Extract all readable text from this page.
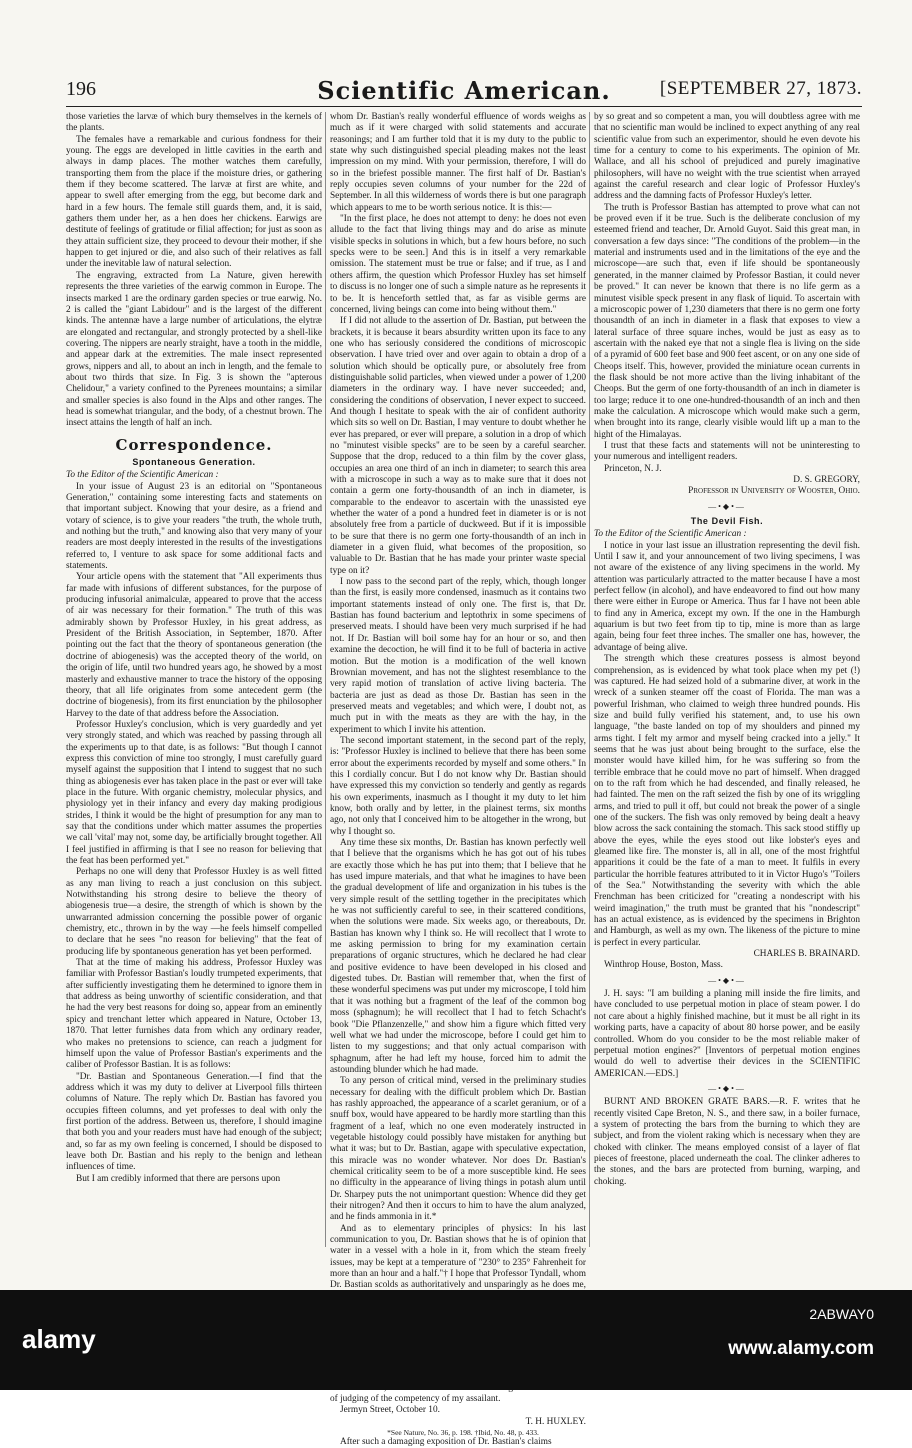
196	Scientific American.	[SEPTEMBER 27, 1873.

those varieties the larvæ of which bury themselves in the kernels of the plants.

The females have a remarkable and curious fondness for their young. The eggs are developed in little cavities in the earth and always in damp places. The mother watches them carefully, transporting them from the place if the moisture dries, or gathering them if they become scattered. The larvæ at first are white, and appear to swell after emerging from the egg, but become dark and hard in a few hours. The female still guards them, and, it is said, gathers them under her, as a hen does her chickens. Earwigs are destitute of feelings of gratitude or filial affection; for just as soon as they attain sufficient size, they proceed to devour their mother, if she happen to get injured or die, and also such of their relatives as fall under the inevitable law of natural selection.

The engraving, extracted from La Nature, given herewith represents the three varieties of the earwig common in Europe. The insects marked 1 are the ordinary garden species or true earwig. No. 2 is called the "giant Labidour" and is the largest of the different kinds. The antennæ have a large number of articulations, the elytræ are elongated and rectangular, and strongly protected by a shell-like covering. The nippers are nearly straight, have a tooth in the middle, and appear dark at the extremities. The male insect represented grows, nippers and all, to about an inch in length, and the female to about two thirds that size. In Fig. 3 is shown the "apterous Chelidour," a variety confined to the Pyrenees mountains; a similar and smaller species is also found in the Alps and other ranges. The head is somewhat triangular, and the body, of a chestnut brown. The insect attains the length of half an inch.

Correspondence.
Spontaneous Generation.

To the Editor of the Scientific American :

In your issue of August 23 is an editorial on "Spontaneous Generation," containing some interesting facts and statements on that important subject. Knowing that your desire, as a friend and votary of science, is to give your readers "the truth, the whole truth, and nothing but the truth," and knowing also that very many of your readers are most deeply interested in the results of the investigations referred to, I venture to ask space for some additional facts and statements.

Your article opens with the statement that "All experiments thus far made with infusions of different substances, for the purpose of producing infusorial animalculæ, appeared to prove that the access of air was necessary for their formation." The truth of this was admirably shown by Professor Huxley, in his great address, as President of the British Association, in September, 1870. After pointing out the fact that the theory of spontaneous generation (the doctrine of abiogenesis) was the accepted theory of the world, on the origin of life, until two hundred years ago, he showed by a most masterly and exhaustive manner to trace the history of the opposing theory, that all life originates from some antecedent germ (the doctrine of biogenesis), from its first enunciation by the philosopher Harvey to the date of that address before the Association.

Professor Huxley's conclusion, which is very guardedly and yet very strongly stated, and which was reached by passing through all the experiments up to that date, is as follows: "But though I cannot express this conviction of mine too strongly, I must carefully guard myself against the supposition that I intend to suggest that no such thing as abiogenesis ever has taken place in the past or ever will take place in the future. With organic chemistry, molecular physics, and physiology yet in their infancy and every day making prodigious strides, I think it would be the hight of presumption for any man to say that the conditions under which matter assumes the properties we call 'vital' may not, some day, be artificially brought together. All I feel justified in affirming is that I see no reason for believing that the feat has been performed yet."

Perhaps no one will deny that Professor Huxley is as well fitted as any man living to reach a just conclusion on this subject. Notwithstanding his strong desire to believe the theory of abiogenesis true—a desire, the strength of which is shown by the unwarranted admission concerning the possible power of organic chemistry, etc., thrown in by the way —he feels himself compelled to declare that he sees "no reason for believing" that the feat of producing life by spontaneous generation has yet been performed.

That at the time of making his address, Professor Huxley was familiar with Professor Bastian's loudly trumpeted experiments, that after sufficiently investigating them he determined to ignore them in that address as being unworthy of scientific consideration, and that he had the very best reasons for doing so, appear from an eminently spicy and trenchant letter which appeared in Nature, October 13, 1870. That letter furnishes data from which any ordinary reader, who makes no pretensions to science, can reach a judgment for himself upon the value of Professor Bastian's experiments and the caliber of Professor Bastian. It is as follows:

"Dr. Bastian and Spontaneous Generation.—I find that the address which it was my duty to deliver at Liverpool fills thirteen columns of Nature. The reply which Dr. Bastian has favored you occupies fifteen columns, and yet professes to deal with only the first portion of the address. Between us, therefore, I should imagine that both you and your readers must have had enough of the subject; and, so far as my own feeling is concerned, I should be disposed to leave both Dr. Bastian and his reply to the benign and lethean influences of time.

But I am credibly informed that there are persons upon

whom Dr. Bastian's really wonderful effluence of words weighs as much as if it were charged with solid statements and accurate reasonings; and I am further told that it is my duty to the public to state why such distinguished special pleading makes not the least impression on my mind. With your permission, therefore, I will do so in the briefest possible manner. The first half of Dr. Bastian's reply occupies seven columns of your number for the 22d of September. In all this wilderness of words there is but one paragraph which appears to me to be worth serious notice. It is this:—

"In the first place, he does not attempt to deny: he does not even allude to the fact that living things may and do arise as minute visible specks in solutions in which, but a few hours before, no such specks were to be seen.] And this is in itself a very remarkable omission. The statement must be true or false; and if true, as I and others affirm, the question which Professor Huxley has set himself to discuss is no longer one of such a simple nature as he represents it to be. It is henceforth settled that, as far as visible germs are concerned, living beings can come into being without them."

If I did not allude to the assertion of Dr. Bastian, put between the brackets, it is because it bears absurdity written upon its face to any one who has seriously considered the conditions of microscopic observation. I have tried over and over again to obtain a drop of a solution which should be optically pure, or absolutely free from distinguishable solid particles, when viewed under a power of 1,200 diameters in the ordinary way. I have never succeeded; and, considering the conditions of observation, I never expect to succeed. And though I hesitate to speak with the air of confident authority which sits so well on Dr. Bastian, I may venture to doubt whether he ever has prepared, or ever will prepare, a solution in a drop of which no "minutest visible specks" are to be seen by a careful searcher. Suppose that the drop, reduced to a thin film by the cover glass, occupies an area one third of an inch in diameter; to search this area with a microscope in such a way as to make sure that it does not contain a germ one forty-thousandth of an inch in diameter, is comparable to the endeavor to ascertain with the unassisted eye whether the water of a pond a hundred feet in diameter is or is not absolutely free from a particle of duckweed. But if it is impossible to be sure that there is no germ one forty-thousandth of an inch in diameter in a given fluid, what becomes of the proposition, so valuable to Dr. Bastian that he has made your printer waste special type on it?

I now pass to the second part of the reply, which, though longer than the first, is easily more condensed, inasmuch as it contains two important statements instead of only one. The first is, that Dr. Bastian has found bacterium and leptothrix in some specimens of preserved meats. I should have been very much surprised if he had not. If Dr. Bastian will boil some hay for an hour or so, and then examine the decoction, he will find it to be full of bacteria in active motion. But the motion is a modification of the well known Brownian movement, and has not the slightest resemblance to the very rapid motion of translation of active living bacteria. The bacteria are just as dead as those Dr. Bastian has seen in the preserved meats and vegetables; and which were, I doubt not, as much put in with the meats as they are with the hay, in the experiment to which I invite his attention.

The second important statement, in the second part of the reply, is: "Professor Huxley is inclined to believe that there has been some error about the experiments recorded by myself and some others." In this I cordially concur. But I do not know why Dr. Bastian should have expressed this my conviction so tenderly and gently as regards his own experiments, inasmuch as I thought it my duty to let him know, both orally and by letter, in the plainest terms, six months ago, not only that I conceived him to be altogether in the wrong, but why I thought so.

Any time these six months, Dr. Bastian has known perfectly well that I believe that the organisms which he has got out of his tubes are exactly those which he has put into them; that I believe that he has used impure materials, and that what he imagines to have been the gradual development of life and organization in his tubes is the very simple result of the settling together in the precipitates which he was not sufficiently careful to see, in their scattered conditions, when the solutions were made. Six weeks ago, or thereabouts, Dr. Bastian has known why I think so. He will recollect that I wrote to me asking permission to bring for my examination certain preparations of organic structures, which he declared he had clear and positive evidence to have been developed in his closed and digested tubes. Dr. Bastian will remember that, when the first of these wonderful specimens was put under my microscope, I told him that it was nothing but a fragment of the leaf of the common bog moss (sphagnum); he will recollect that I had to fetch Schacht's book "Die Pflanzenzelle," and show him a figure which fitted very well what we had under the microscope, before I could get him to listen to my suggestions; and that only actual comparison with sphagnum, after he had left my house, forced him to admit the astounding blunder which he had made.

To any person of critical mind, versed in the preliminary studies necessary for dealing with the difficult problem which Dr. Bastian has rashly approached, the appearance of a scarlet geranium, or of a snuff box, would have appeared to be hardly more startling than this fragment of a leaf, which no one even moderately instructed in vegetable histology could possibly have mistaken for anything but what it was; but to Dr. Bastian, agape with speculative expectation, this miracle was no wonder whatever. Nor does Dr. Bastian's chemical criticality seem to be of a more susceptible kind. He sees no difficulty in the appearance of living things in potash alum until Dr. Sharpey puts the not unimportant question: Whence did they get their nitrogen? And then it occurs to him to have the alum analyzed, and he finds ammonia in it.*

And as to elementary principles of physics: In his last communication to you, Dr. Bastian shows that he is of opinion that water in a vessel with a hole in it, from which the steam freely issues, may be kept at a temperature of "230° to 235° Fahrenheit for more than an hour and a half."† I hope that Professor Tyndall, whom Dr. Bastian scolds as authoritatively and unsparingly as he does me,

of judging of the competency of my assailant.

Jermyn Street, October 10.

T. H. HUXLEY.

*See Nature, No. 36, p. 198. †Ibid, No. 48, p. 433.

After such a damaging exposition of Dr. Bastian's claims

by so great and so competent a man, you will doubtless agree with me that no scientific man would be inclined to expect anything of any real scientific value from such an experimentor, should he even devote his time for a century to come to his experiments. The opinion of Mr. Wallace, and all his school of prejudiced and purely imaginative philosophers, will have no weight with the true scientist when arrayed against the careful research and clear logic of Professor Huxley's address and the damning facts of Professor Huxley's letter.

The truth is Professor Bastian has attempted to prove what can not be proved even if it be true. Such is the deliberate conclusion of my esteemed friend and teacher, Dr. Arnold Guyot. Said this great man, in conversation a few days since: "The conditions of the problem—in the material and instruments used and in the limitations of the eye and the microscope—are such that, even if life should be spontaneously generated, in the manner claimed by Professor Bastian, it could never be proved." It can never be known that there is no life germ as a minutest visible speck present in any flask of liquid. To ascertain with a microscopic power of 1,230 diameters that there is no germ one forty thousandth of an inch in diameter in a flask that exposes to view a lateral surface of three square inches, would be just as easy as to ascertain with the naked eye that not a single flea is living on the side of a pyramid of 600 feet base and 900 feet ascent, or on any one side of Cheops itself. This, however, provided the miniature ocean currents in the flask should be not more active than the living inhabitant of the Cheops. But the germ of one forty-thousandth of an inch in diameter is too large; reduce it to one one-hundred-thousandth of an inch and then make the calculation. A microscope which would make such a germ, when brought into its range, clearly visible would lift up a man to the hight of the Himalayas.

I trust that these facts and statements will not be uninteresting to your numerous and intelligent readers.

Princeton, N. J.

D. S. GREGORY,

Professor in University of Wooster, Ohio.

—•◆•—
The Devil Fish.

To the Editor of the Scientific American :

I notice in your last issue an illustration representing the devil fish. Until I saw it, and your announcement of two living specimens, I was not aware of the existence of any living specimens in the world. My attention was particularly attracted to the matter because I have a most perfect fellow (in alcohol), and have endeavored to find out how many there were either in Europe or America. Thus far I have not been able to find any in America, except my own. If the one in the Hamburgh aquarium is but two feet from tip to tip, mine is more than as large again, being four feet three inches. The smaller one has, however, the advantage of being alive.

The strength which these creatures possess is almost beyond comprehension, as is evidenced by what took place when my pet (!) was captured. He had seized hold of a submarine diver, at work in the wreck of a sunken steamer off the coast of Florida. The man was a powerful Irishman, who claimed to weigh three hundred pounds. His size and build fully verified his statement, and, to use his own language, "the baste landed on top of my shoulders and pinned my arms tight. I felt my armor and myself being cracked into a jelly." It seems that he was just about being brought to the surface, else the monster would have killed him, for he was suffering so from the terrible embrace that he could move no part of himself. When dragged on to the raft from which he had descended, and finally released, he had fainted. The men on the raft seized the fish by one of its wriggling arms, and tried to pull it off, but could not break the power of a single one of the suckers. The fish was only removed by being dealt a heavy blow across the sack containing the stomach. This sack stood stiffly up above the eyes, while the eyes stood out like lobster's eyes and gleamed like fire. The monster is, all in all, one of the most frightful apparitions it could be the fate of a man to meet. It fulfils in every particular the horrible features attributed to it in Victor Hugo's "Toilers of the Sea." Notwithstanding the severity with which the able Frenchman has been criticized for "creating a nondescript with his weird imagination," the truth must be granted that his "nondescript" has an actual existence, as is evidenced by the specimens in Brighton and Hamburgh, as well as my own. The likeness of the picture to mine is perfect in every particular.

CHARLES B. BRAINARD.

Winthrop House, Boston, Mass.

—•◆•—

J. H. says: "I am building a planing mill inside the fire limits, and have concluded to use perpetual motion in place of steam power. I do not care about a highly finished machine, but it must be all right in its working parts, have a capacity of about 80 horse power, and be easily controlled. Whom do you consider to be the most reliable maker of perpetual motion engines?" [Inventors of perpetual motion engines would do well to advertise their devices in the SCIENTIFIC AMERICAN.—EDS.]

—•◆•—

BURNT AND BROKEN GRATE BARS.—R. F. writes that he recently visited Cape Breton, N. S., and there saw, in a boiler furnace, a system of protecting the bars from the burning to which they are subject, and from the violent raking which is necessary when they are choked with clinker. The means employed consist of a layer of flat pieces of freestone, placed underneath the coal. The clinker adheres to the stones, and the bars are protected from burning, warping, and choking.

alamy
2ABWAY0
www.alamy.com
